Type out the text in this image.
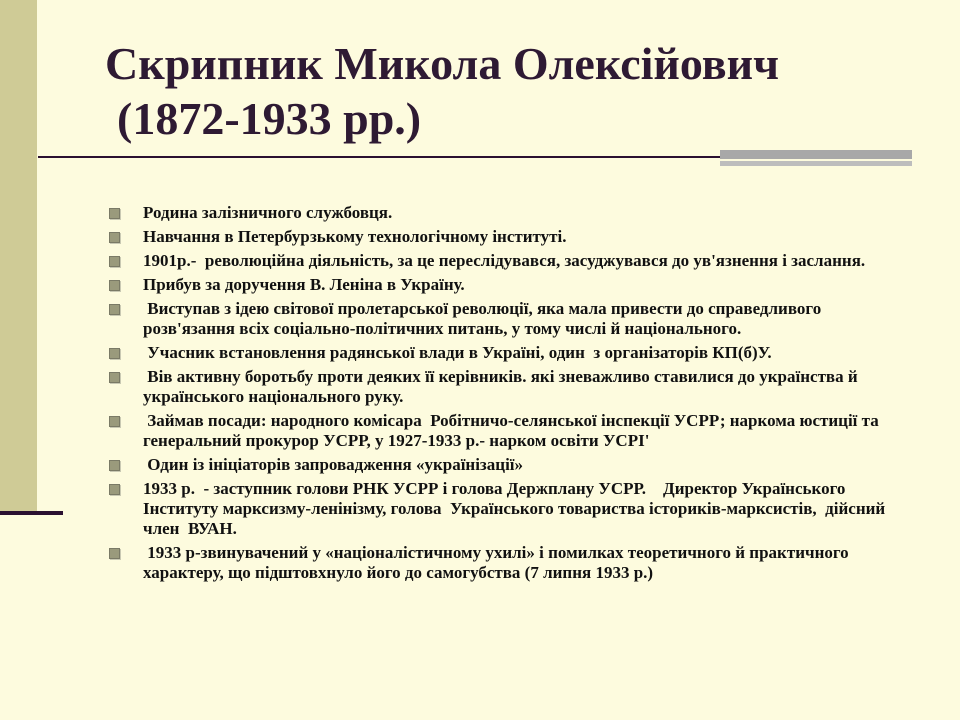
Скрипник Микола Олексійович
(1872-1933 рр.)
Родина залізничного службовця.
Навчання в Петербурзькому технологічному інституті.
1901р.-  революційна діяльність, за це переслідувався, засуджувався до ув'язнення і заслання.
Прибув за доручення В. Леніна в Україну.
Виступав з ідею світової пролетарської революції, яка мала привести до справедливого розв'язання всіх соціально-політичних питань, у тому числі й національного.
Учасник встановлення радянської влади в Україні, один  з організаторів КП(б)У.
Вів активну боротьбу проти деяких її керівників. які зневажливо ставилися до українства й українського національного руку.
Займав посади: народного комісара  Робітничо-селянської інспекції УСРР; наркома юстиції та генеральний прокурор УСРР, у 1927-1933 р.- нарком освіти УСРІ'
Один із ініціаторів запровадження «українізації»
1933 р.  - заступник голови РНК УСРР і голова Держплану УСРР.    Директор Українського Інституту марксизму-ленінізму, голова  Українського товариства істориків-марксистів,  дійсний член  ВУАН.
1933 р-звинувачений у «націоналістичному ухилі» і помилках теоретичного й практичного характеру, що підштовхнуло його до самогубства (7 липня 1933 р.)
